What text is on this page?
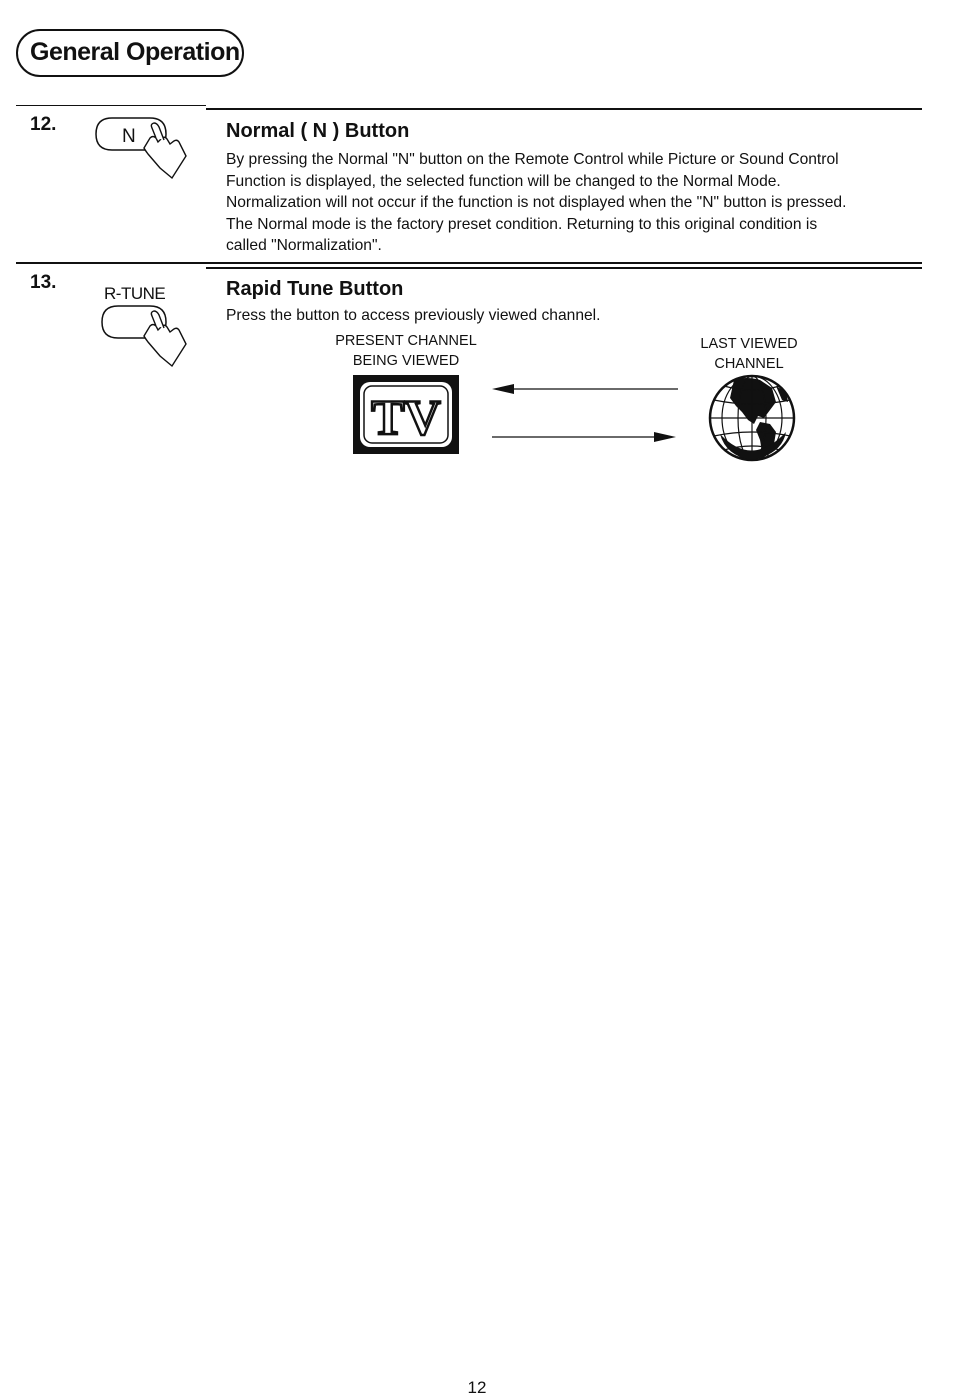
General Operation
12.
N	Normal ( N ) Button

By pressing the Normal "N" button on the Remote Control while Picture or Sound Control

Function is displayed, the selected function will be changed to the Normal Mode.

Normalization will not occur if the function is not displayed when the "N" button is pressed.

The Normal mode is the factory preset condition. Returning to this original condition is

called "Normalization".

13.
R-TUNE	Rapid Tune Button

Press the button to access previously viewed channel.

PRESENT CHANNEL
BEING VIEWED
LAST VIEWED
CHANNEL
TV
12
